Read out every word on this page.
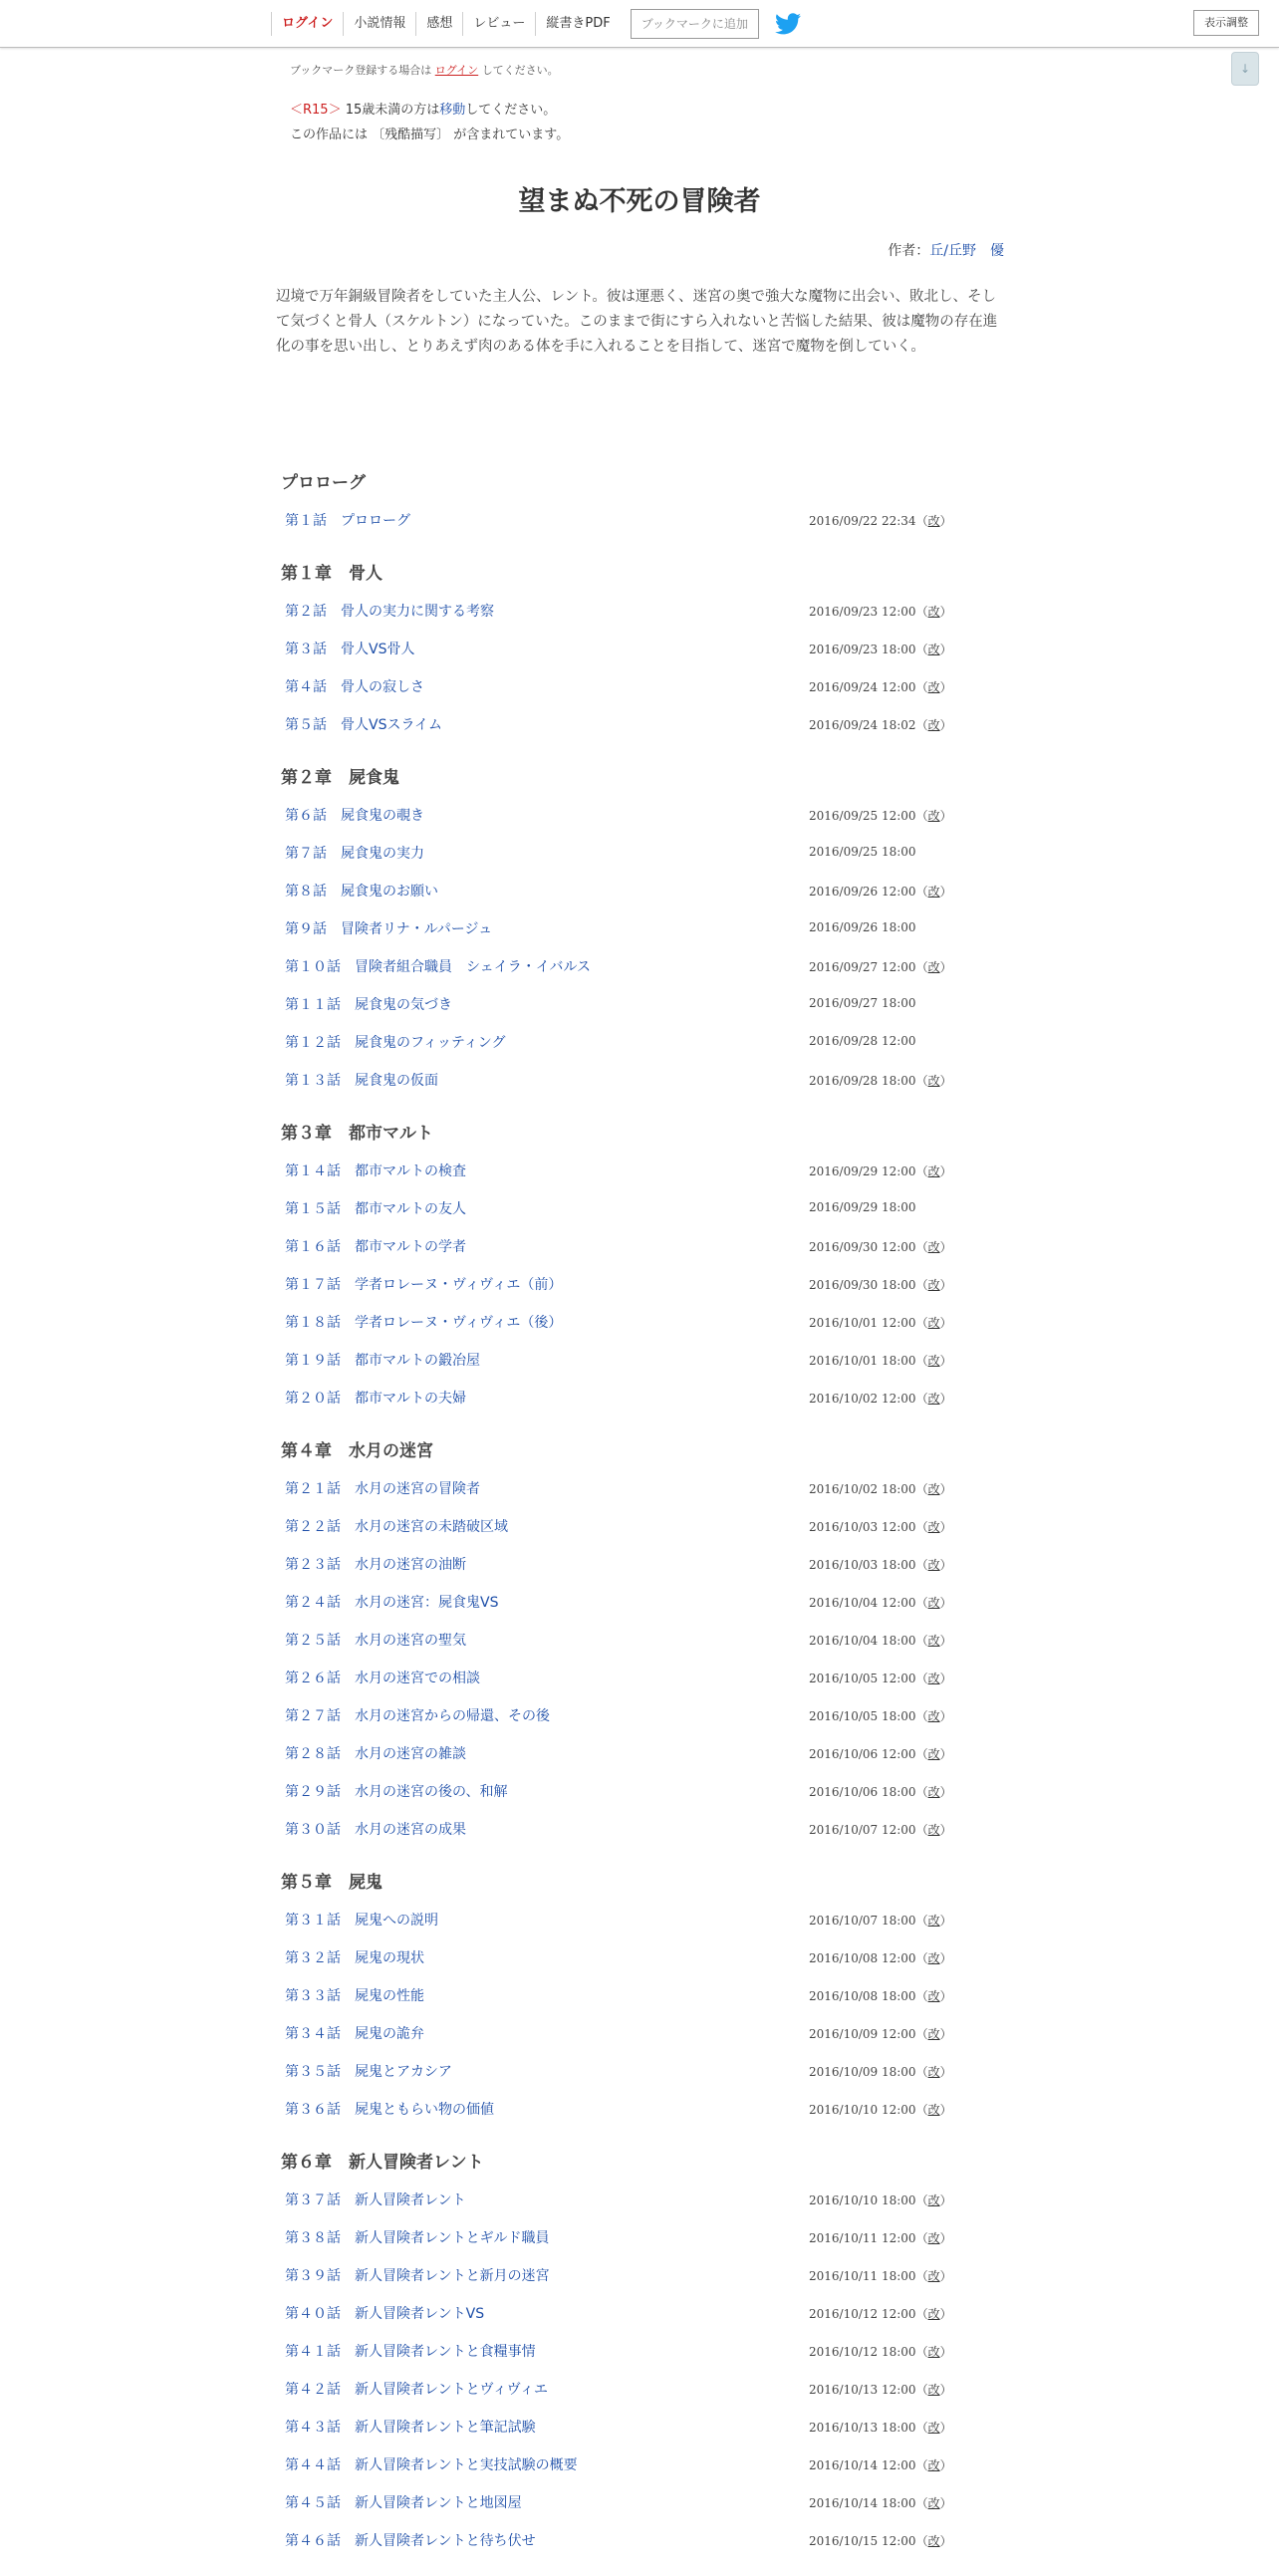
ログイン	小説情報	感想	レビュー	縦書きPDF	ブックマークに追加	表示調整
↓
ブックマーク登録する場合は ログイン してください。
＜R15＞ 15歳未満の方は移動してください。
この作品には 〔残酷描写〕 が含まれています。
望まぬ不死の冒険者
作者：丘/丘野　優
辺境で万年銅級冒険者をしていた主人公、レント。彼は運悪く、迷宮の奥で強大な魔物に出会い、敗北し、そして気づくと骨人（スケルトン）になっていた。このままで街にすら入れないと苦悩した結果、彼は魔物の存在進化の事を思い出し、とりあえず肉のある体を手に入れることを目指して、迷宮で魔物を倒していく。
プロローグ
第１話　プロローグ	2016/09/22 22:34（改）
第１章　骨人
第２話　骨人の実力に関する考察	2016/09/23 12:00（改）
第３話　骨人VS骨人	2016/09/23 18:00（改）
第４話　骨人の寂しさ	2016/09/24 12:00（改）
第５話　骨人VSスライム	2016/09/24 18:02（改）
第２章　屍食鬼
第６話　屍食鬼の覗き	2016/09/25 12:00（改）
第７話　屍食鬼の実力	2016/09/25 18:00
第８話　屍食鬼のお願い	2016/09/26 12:00（改）
第９話　冒険者リナ・ルパージュ	2016/09/26 18:00
第１０話　冒険者組合職員　シェイラ・イバルス	2016/09/27 12:00（改）
第１１話　屍食鬼の気づき	2016/09/27 18:00
第１２話　屍食鬼のフィッティング	2016/09/28 12:00
第１３話　屍食鬼の仮面	2016/09/28 18:00（改）
第３章　都市マルト
第１４話　都市マルトの検査	2016/09/29 12:00（改）
第１５話　都市マルトの友人	2016/09/29 18:00
第１６話　都市マルトの学者	2016/09/30 12:00（改）
第１７話　学者ロレーヌ・ヴィヴィエ（前）	2016/09/30 18:00（改）
第１８話　学者ロレーヌ・ヴィヴィエ（後）	2016/10/01 12:00（改）
第１９話　都市マルトの鍛冶屋	2016/10/01 18:00（改）
第２０話　都市マルトの夫婦	2016/10/02 12:00（改）
第４章　水月の迷宮
第２１話　水月の迷宮の冒険者	2016/10/02 18:00（改）
第２２話　水月の迷宮の未踏破区域	2016/10/03 12:00（改）
第２３話　水月の迷宮の油断	2016/10/03 18:00（改）
第２４話　水月の迷宮：屍食鬼VS	2016/10/04 12:00（改）
第２５話　水月の迷宮の聖気	2016/10/04 18:00（改）
第２６話　水月の迷宮での相談	2016/10/05 12:00（改）
第２７話　水月の迷宮からの帰還、その後	2016/10/05 18:00（改）
第２８話　水月の迷宮の雑談	2016/10/06 12:00（改）
第２９話　水月の迷宮の後の、和解	2016/10/06 18:00（改）
第３０話　水月の迷宮の成果	2016/10/07 12:00（改）
第５章　屍鬼
第３１話　屍鬼への説明	2016/10/07 18:00（改）
第３２話　屍鬼の現状	2016/10/08 12:00（改）
第３３話　屍鬼の性能	2016/10/08 18:00（改）
第３４話　屍鬼の詭弁	2016/10/09 12:00（改）
第３５話　屍鬼とアカシア	2016/10/09 18:00（改）
第３６話　屍鬼ともらい物の価値	2016/10/10 12:00（改）
第６章　新人冒険者レント
第３７話　新人冒険者レント	2016/10/10 18:00（改）
第３８話　新人冒険者レントとギルド職員	2016/10/11 12:00（改）
第３９話　新人冒険者レントと新月の迷宮	2016/10/11 18:00（改）
第４０話　新人冒険者レントVS	2016/10/12 12:00（改）
第４１話　新人冒険者レントと食糧事情	2016/10/12 18:00（改）
第４２話　新人冒険者レントとヴィヴィエ	2016/10/13 12:00（改）
第４３話　新人冒険者レントと筆記試験	2016/10/13 18:00（改）
第４４話　新人冒険者レントと実技試験の概要	2016/10/14 12:00（改）
第４５話　新人冒険者レントと地図屋	2016/10/14 18:00（改）
第４６話　新人冒険者レントと待ち伏せ	2016/10/15 12:00（改）
